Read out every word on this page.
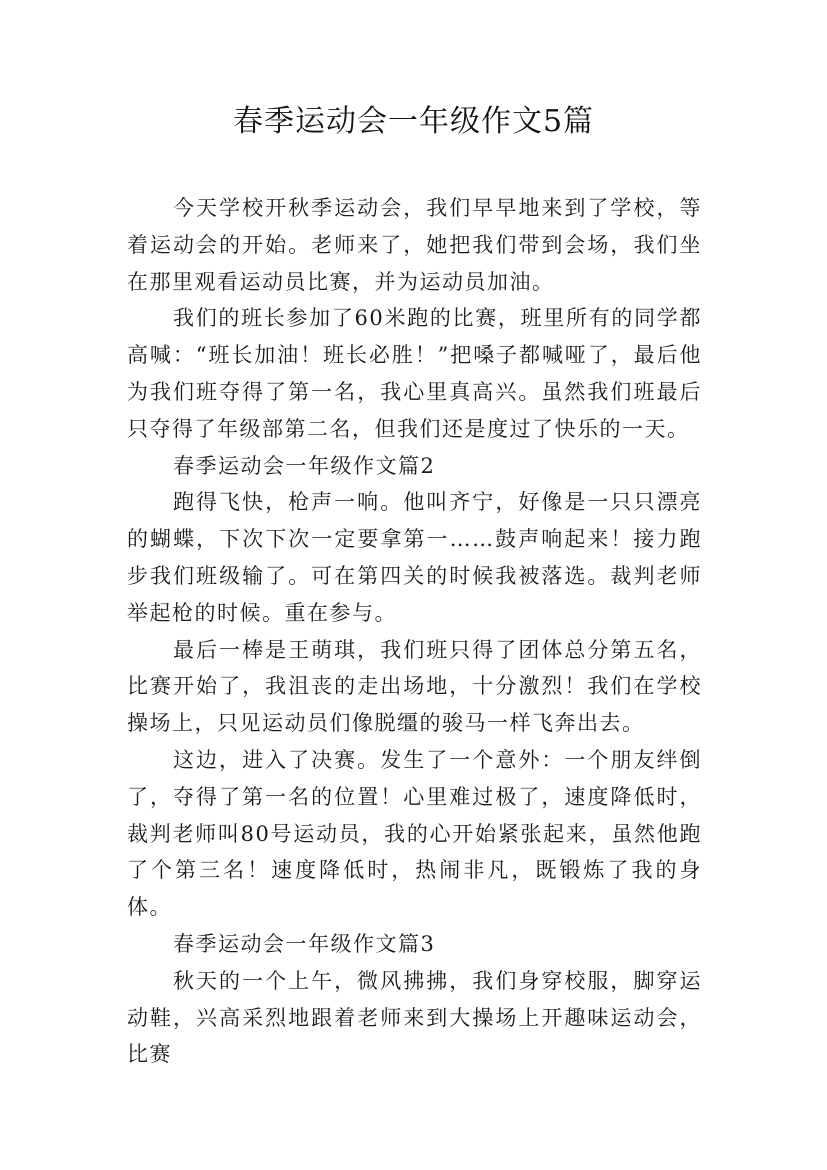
春季运动会一年级作文5篇

今天学校开秋季运动会，我们早早地来到了学校，等着运动会的开始。老师来了，她把我们带到会场，我们坐在那里观看运动员比赛，并为运动员加油。

我们的班长参加了60米跑的比赛，班里所有的同学都高喊：“班长加油！班长必胜！”把嗓子都喊哑了，最后他为我们班夺得了第一名，我心里真高兴。虽然我们班最后只夺得了年级部第二名，但我们还是度过了快乐的一天。

春季运动会一年级作文篇2

跑得飞快，枪声一响。他叫齐宁，好像是一只只漂亮的蝴蝶，下次下次一定要拿第一……鼓声响起来！接力跑步我们班级输了。可在第四关的时候我被落选。裁判老师举起枪的时候。重在参与。

最后一棒是王萌琪，我们班只得了团体总分第五名，比赛开始了，我沮丧的走出场地，十分激烈！我们在学校操场上，只见运动员们像脱缰的骏马一样飞奔出去。

这边，进入了决赛。发生了一个意外：一个朋友绊倒了，夺得了第一名的位置！心里难过极了，速度降低时，裁判老师叫80号运动员，我的心开始紧张起来，虽然他跑了个第三名！速度降低时，热闹非凡，既锻炼了我的身体。

春季运动会一年级作文篇3

秋天的一个上午，微风拂拂，我们身穿校服，脚穿运动鞋，兴高采烈地跟着老师来到大操场上开趣味运动会，比赛
